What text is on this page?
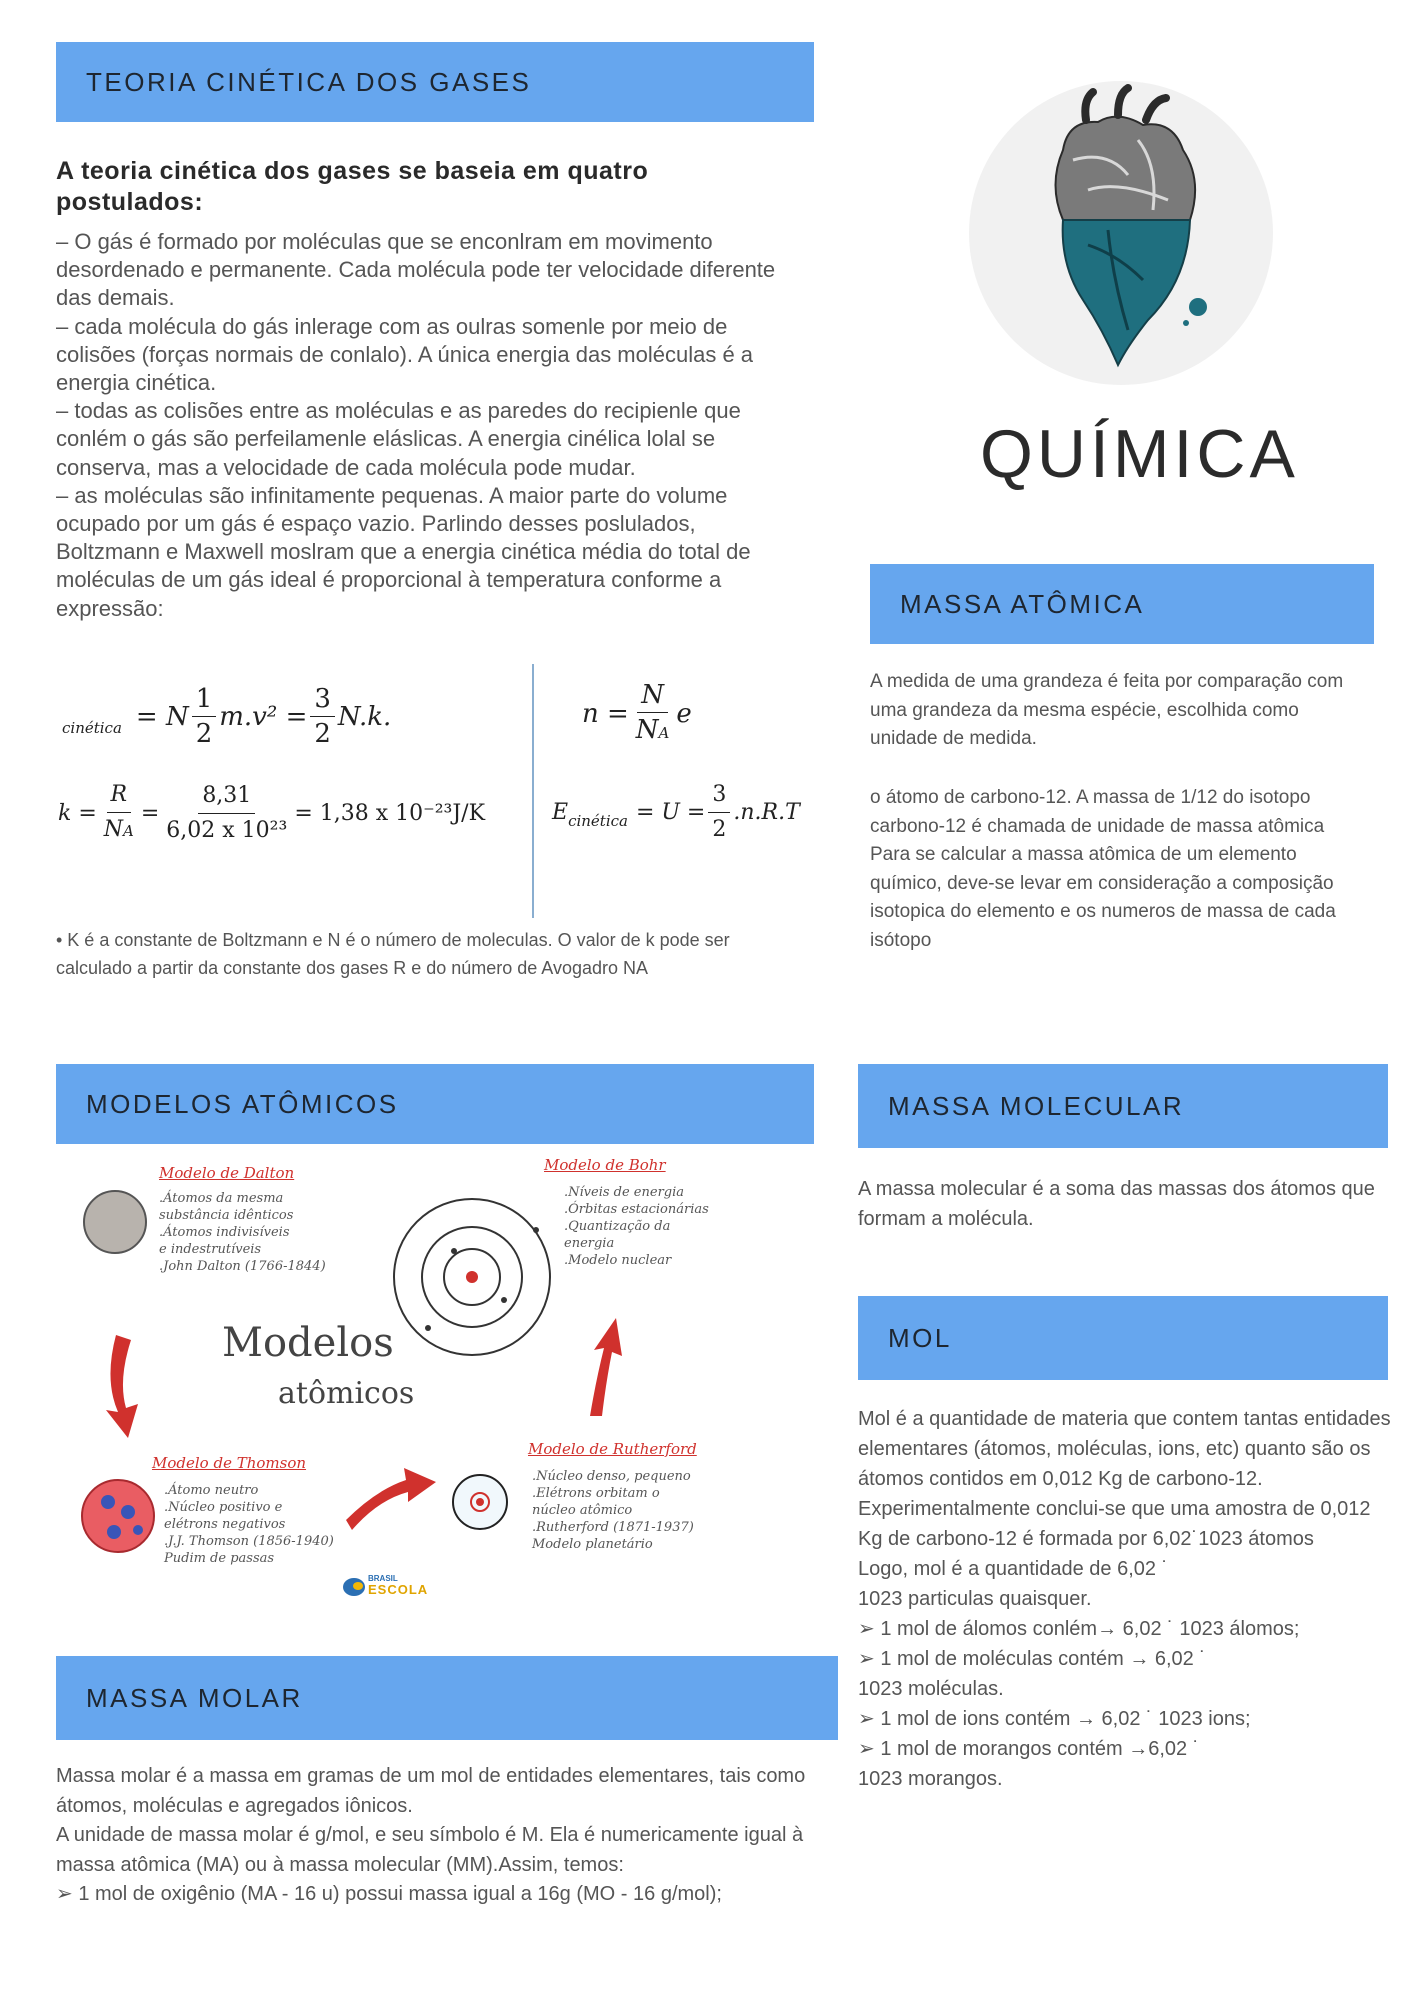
TEORIA CINÉTICA DOS GASES
A teoria cinética dos gases se baseia em quatro postulados:
– O gás é formado por moléculas que se enconlram em movimento desordenado e permanente. Cada molécula pode ter velocidade diferente das demais.
– cada molécula do gás inlerage com as oulras somenle por meio de colisões (forças normais de conlalo). A única energia das moléculas é a energia cinética.
– todas as colisões entre as moléculas e as paredes do recipienle que conlém o gás são perfeilamenle eláslicas. A energia cinélica lolal se conserva, mas a velocidade de cada molécula pode mudar.
– as moléculas são infinitamente pequenas. A maior parte do volume ocupado por um gás é espaço vazio. Parlindo desses poslulados, Boltzmann e Maxwell moslram que a energia cinética média do total de moléculas de um gás ideal é proporcional à temperatura conforme a expressão:
cinética =
N $\frac{1}{2} m.v^2$
= $\frac{3}{2} N.k$.	$n = \frac{N}{NA}$ e
$k = \frac{R}{NA} = \frac{8,31}{\text{6,02 x 10²³}} = 1,38$ x 10⁻²³J/K	E cinética = $U = \frac{3}{2} .n.R.T$
• K é a constante de Boltzmann e N é o número de moleculas. O valor de k pode ser calculado a partir da constante dos gases R e do número de Avogadro NA
QUÍMICA
MASSA ATÔMICA
A medida de uma grandeza é feita por comparação com uma grandeza da mesma espécie, escolhida como unidade de medida.
o átomo de carbono-12. A massa de 1/12 do isotopo carbono-12 é chamada de unidade de massa atômica
Para se calcular a massa atômica de um elemento químico, deve-se levar em consideração a composição isotopica do elemento e os numeros de massa de cada isótopo
MODELOS ATÔMICOS
Modelo de Dalton
.Átomos da mesma
substância idênticos
.Átomos indivisíveis
e indestrutíveis
.John Dalton (1766-1844)
Modelo de Bohr
.Níveis de energia
.Órbitas estacionárias
.Quantização da
energia
.Modelo nuclear
Modelos
atômicos
Modelo de Thomson
.Átomo neutro
.Núcleo positivo e
elétrons negativos
.J.J. Thomson (1856-1940)
Pudim de passas
Modelo de Rutherford
.Núcleo denso, pequeno
.Elétrons orbitam o
núcleo atômico
.Rutherford (1871-1937)
Modelo planetário
BRASIL
ESCOLA
MASSA MOLECULAR
A massa molecular é a soma das massas dos átomos que formam a molécula.
MOL
Mol é a quantidade de materia que contem tantas entidades elementares (átomos, moléculas, ions, etc) quanto são os átomos contidos em 0,012 Kg de carbono-12.
Experimentalmente conclui-se que uma amostra de 0,012 Kg de carbono-12 é formada por 6,02˙1023 átomos
Logo, mol é a quantidade de 6,02 ˙
1023 particulas quaisquer.
➢ 1 mol de álomos conlém→ 6,02 ˙ 1023 álomos;
➢ 1 mol de moléculas contém → 6,02 ˙
1023 moléculas.
➢ 1 mol de ions contém → 6,02 ˙ 1023 ions;
➢ 1 mol de morangos contém →6,02 ˙
1023 morangos.
MASSA MOLAR
Massa molar é a massa em gramas de um mol de entidades elementares, tais como átomos, moléculas e agregados iônicos.
A unidade de massa molar é g/mol, e seu símbolo é M. Ela é numericamente igual à massa atômica (MA) ou à massa molecular (MM).Assim, temos:
➢ 1 mol de oxigênio (MA - 16 u) possui massa igual a 16g (MO - 16 g/mol);
